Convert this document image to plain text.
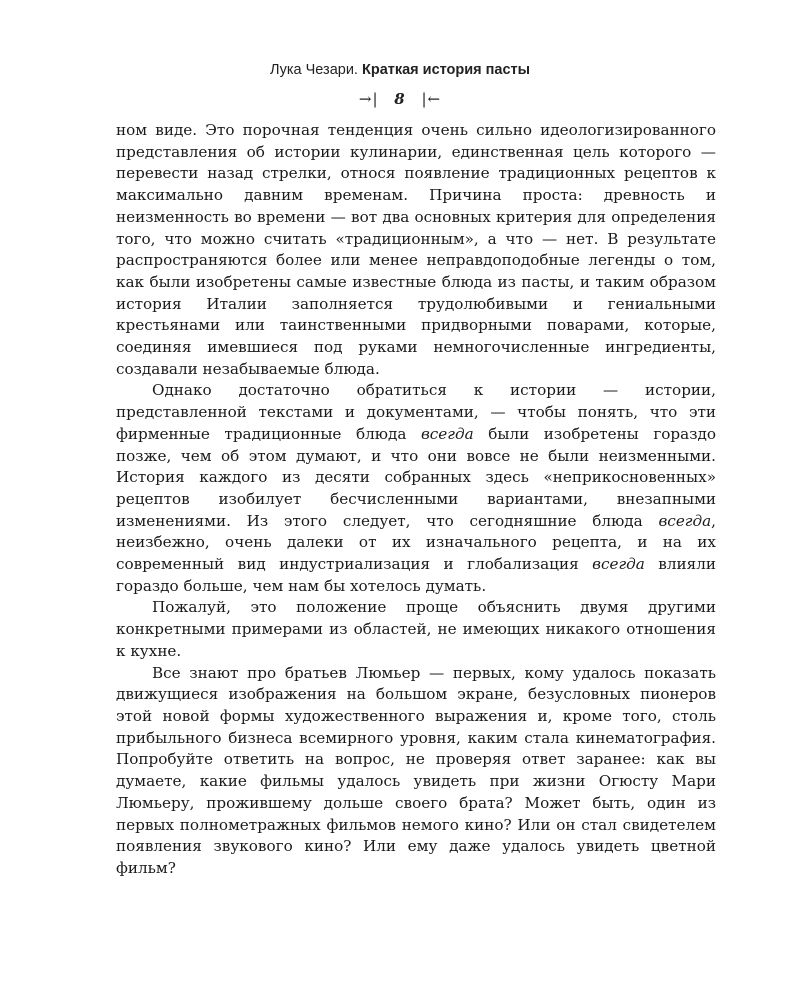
Лука Чезари. Краткая история пасты
→| 8 |←

ном виде. Это порочная тенденция очень сильно идеологизированного представления об истории кулинарии, единственная цель которого — перевести назад стрелки, относя появление традиционных рецептов к максимально давним временам. Причина проста: древность и неизменность во времени — вот два основных критерия для определения того, что можно считать «традиционным», а что — нет. В результате распространяются более или менее неправдоподобные легенды о том, как были изобретены самые известные блюда из пасты, и таким образом история Италии заполняется трудолюбивыми и гениальными крестьянами или таинственными придворными поварами, которые, соединяя имевшиеся под руками немногочисленные ингредиенты, создавали незабываемые блюда.

Однако достаточно обратиться к истории — истории, представленной текстами и документами, — чтобы понять, что эти фирменные традиционные блюда всегда были изобретены гораздо позже, чем об этом думают, и что они вовсе не были неизменными. История каждого из десяти собранных здесь «неприкосновенных» рецептов изобилует бесчисленными вариантами, внезапными изменениями. Из этого следует, что сегодняшние блюда всегда, неизбежно, очень далеки от их изначального рецепта, и на их современный вид индустриализация и глобализация всегда влияли гораздо больше, чем нам бы хотелось думать.

Пожалуй, это положение проще объяснить двумя другими конкретными примерами из областей, не имеющих никакого отношения к кухне.

Все знают про братьев Люмьер — первых, кому удалось показать движущиеся изображения на большом экране, безусловных пионеров этой новой формы художественного выражения и, кроме того, столь прибыльного бизнеса всемирного уровня, каким стала кинематография. Попробуйте ответить на вопрос, не проверяя ответ заранее: как вы думаете, какие фильмы удалось увидеть при жизни Огюсту Мари Люмьеру, прожившему дольше своего брата? Может быть, один из первых полнометражных фильмов немого кино? Или он стал свидетелем появления звукового кино? Или ему даже удалось увидеть цветной фильм?
